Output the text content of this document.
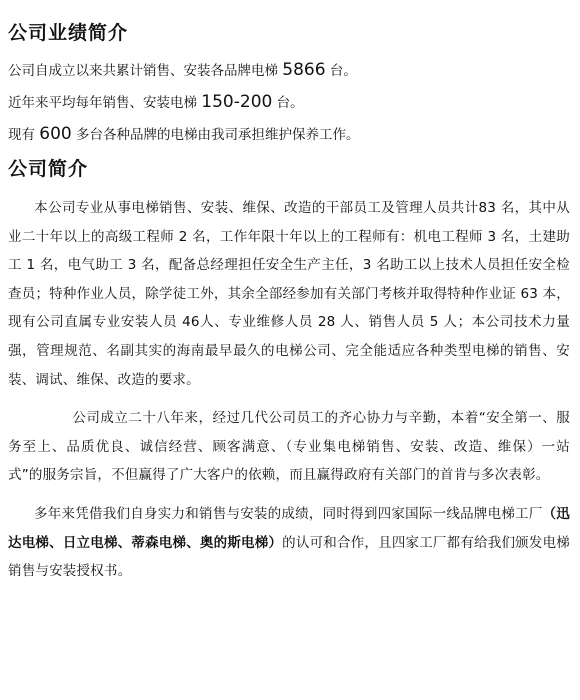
公司业绩简介

公司自成立以来共累计销售、安装各品牌电梯 5866 台。

近年来平均每年销售、安装电梯 150-200 台。

现有 600 多台各种品牌的电梯由我司承担维护保养工作。

公司简介

本公司专业从事电梯销售、安装、维保、改造的干部员工及管理人员共计83 名，其中从业二十年以上的高级工程师 2 名，工作年限十年以上的工程师有：机电工程师 3 名，土建助工 1 名，电气助工 3 名，配备总经理担任安全生产主任，3 名助工以上技术人员担任安全检查员；特种作业人员，除学徒工外，其余全部经参加有关部门考核并取得特种作业证 63 本，现有公司直属专业安装人员 46人、专业维修人员 28 人、销售人员 5 人；本公司技术力量强，管理规范、名副其实的海南最早最久的电梯公司、完全能适应各种类型电梯的销售、安装、调试、维保、改造的要求。

公司成立二十八年来，经过几代公司员工的齐心协力与辛勤，本着“安全第一、服务至上、品质优良、诚信经营、顾客满意、（专业集电梯销售、安装、改造、维保）一站式”的服务宗旨，不但赢得了广大客户的依赖，而且赢得政府有关部门的首肯与多次表彰。

多年来凭借我们自身实力和销售与安装的成绩，同时得到四家国际一线品牌电梯工厂（迅达电梯、日立电梯、蒂森电梯、奥的斯电梯）的认可和合作，且四家工厂都有给我们颁发电梯销售与安装授权书。
